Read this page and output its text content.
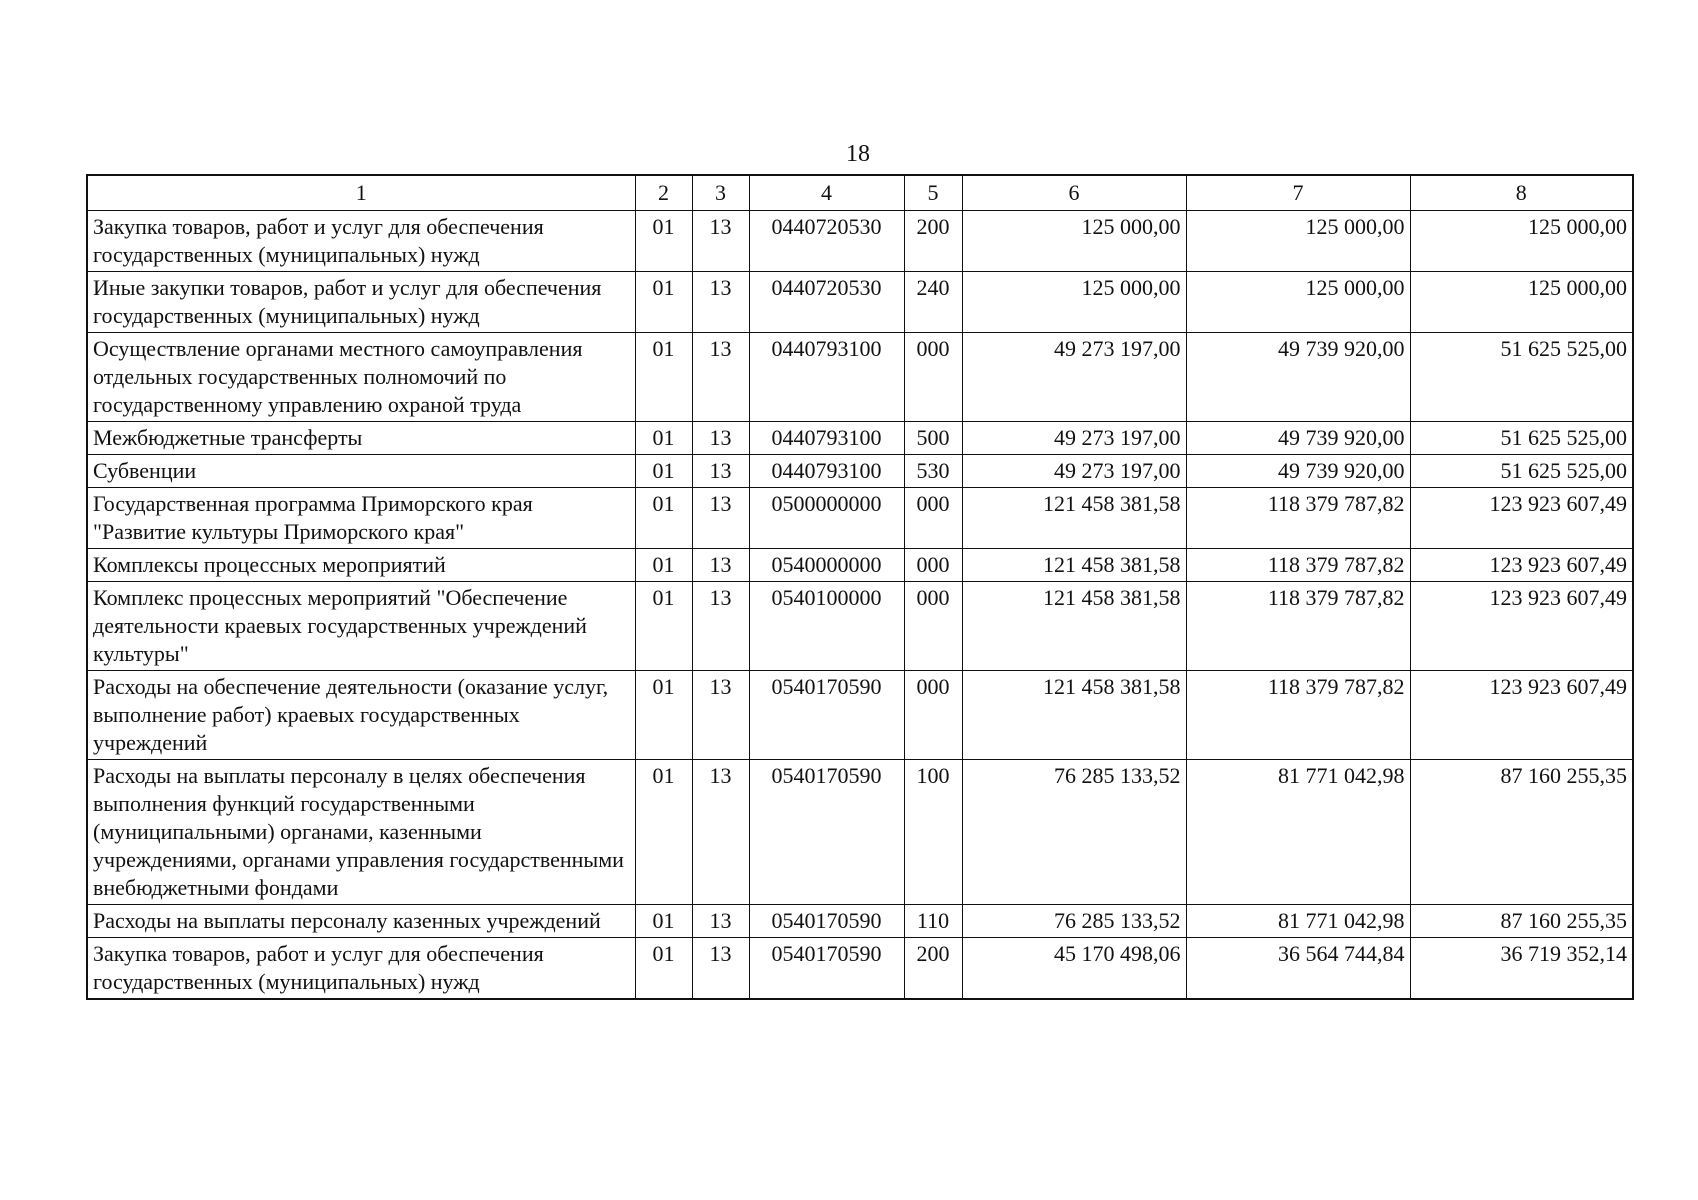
18
1	2	3	4	5	6	7	8
Закупка товаров, работ и услуг для обеспечения государственных (муниципальных) нужд	01	13	0440720530	200	125 000,00	125 000,00	125 000,00
Иные закупки товаров, работ и услуг для обеспечения государственных (муниципальных) нужд	01	13	0440720530	240	125 000,00	125 000,00	125 000,00
Осуществление органами местного самоуправления отдельных государственных полномочий по государственному управлению охраной труда	01	13	0440793100	000	49 273 197,00	49 739 920,00	51 625 525,00
Межбюджетные трансферты	01	13	0440793100	500	49 273 197,00	49 739 920,00	51 625 525,00
Субвенции	01	13	0440793100	530	49 273 197,00	49 739 920,00	51 625 525,00
Государственная программа Приморского края "Развитие культуры Приморского края"	01	13	0500000000	000	121 458 381,58	118 379 787,82	123 923 607,49
Комплексы процессных мероприятий	01	13	0540000000	000	121 458 381,58	118 379 787,82	123 923 607,49
Комплекс процессных мероприятий "Обеспечение деятельности краевых государственных учреждений культуры"	01	13	0540100000	000	121 458 381,58	118 379 787,82	123 923 607,49
Расходы на обеспечение деятельности (оказание услуг, выполнение работ) краевых государственных учреждений	01	13	0540170590	000	121 458 381,58	118 379 787,82	123 923 607,49
Расходы на выплаты персоналу в целях обеспечения выполнения функций государственными (муниципальными) органами, казенными учреждениями, органами управления государственными внебюджетными фондами	01	13	0540170590	100	76 285 133,52	81 771 042,98	87 160 255,35
Расходы на выплаты персоналу казенных учреждений	01	13	0540170590	110	76 285 133,52	81 771 042,98	87 160 255,35
Закупка товаров, работ и услуг для обеспечения государственных (муниципальных) нужд	01	13	0540170590	200	45 170 498,06	36 564 744,84	36 719 352,14
